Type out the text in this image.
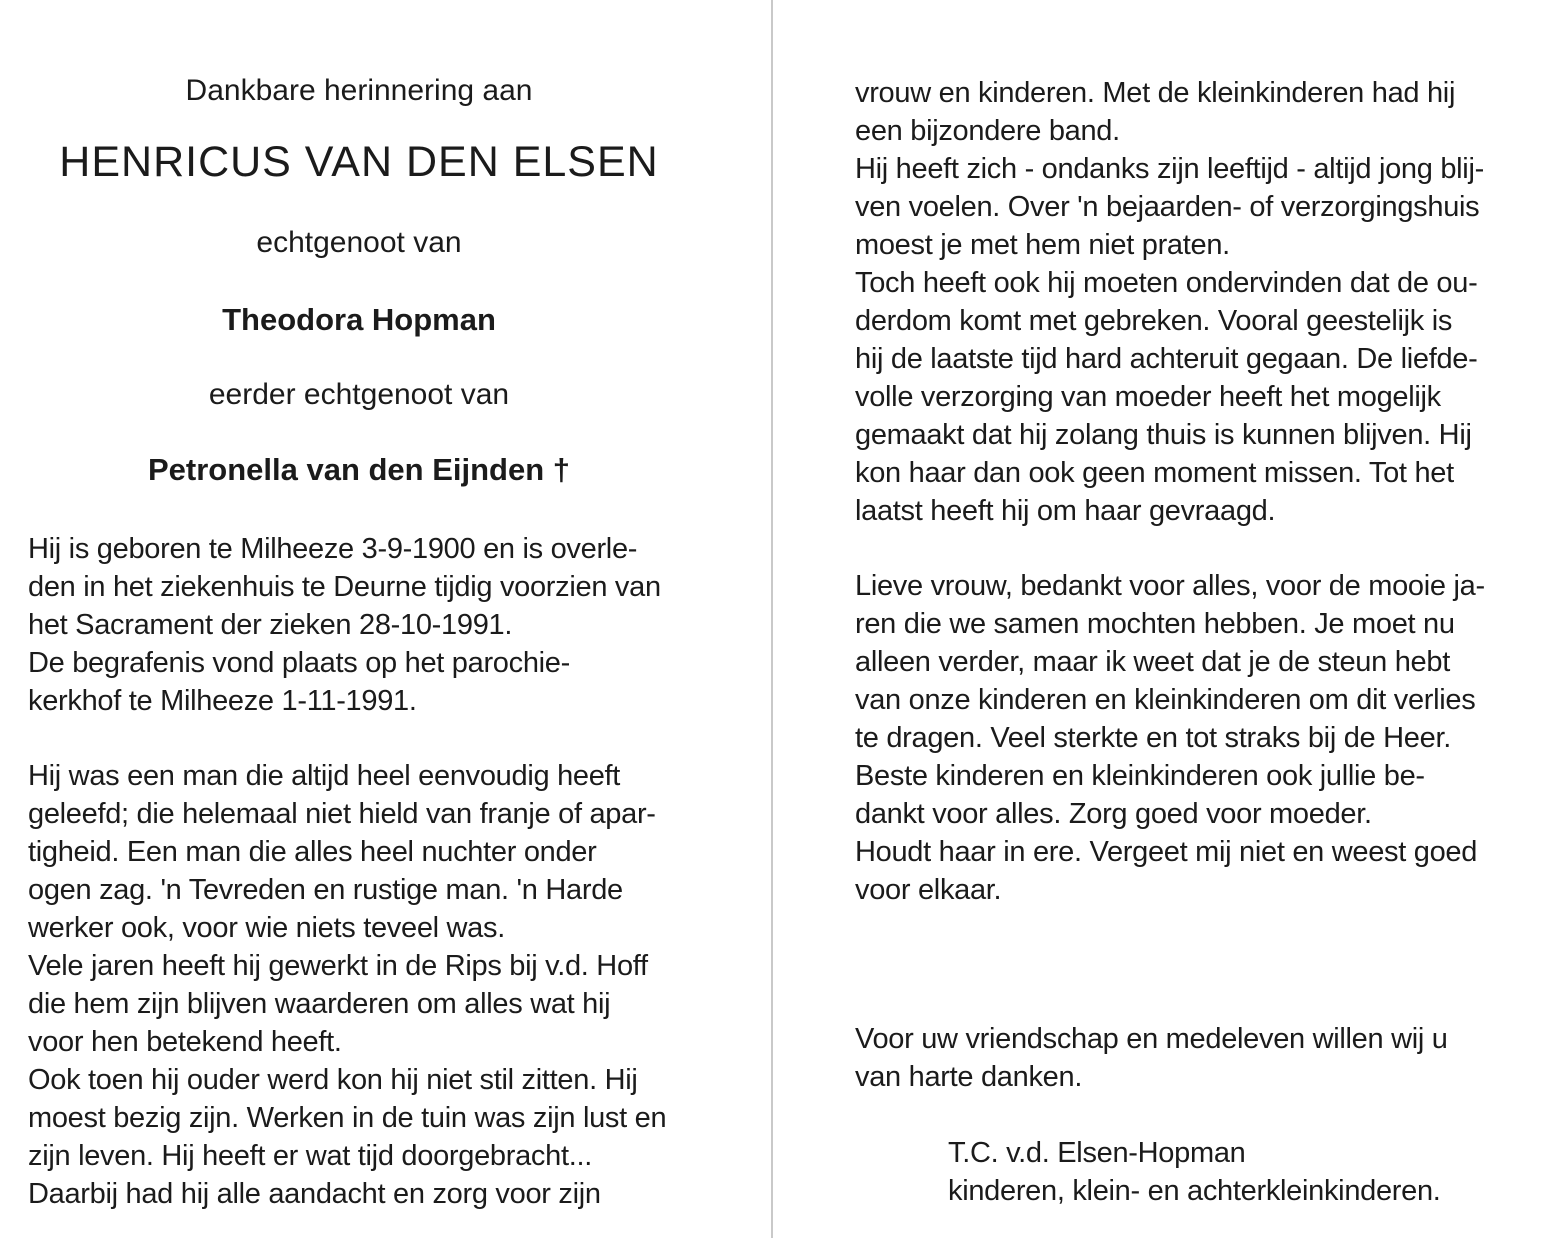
Dankbare herinnering aan
HENRICUS VAN DEN ELSEN
echtgenoot van
Theodora Hopman
eerder echtgenoot van
Petronella van den Eijnden †
Hij is geboren te Milheeze 3-9-1900 en is overle-
den in het ziekenhuis te Deurne tijdig voorzien van
het Sacrament der zieken 28-10-1991.
De begrafenis vond plaats op het parochie-
kerkhof te Milheeze 1-11-1991.
Hij was een man die altijd heel eenvoudig heeft
geleefd; die helemaal niet hield van franje of apar-
tigheid. Een man die alles heel nuchter onder
ogen zag. 'n Tevreden en rustige man. 'n Harde
werker ook, voor wie niets teveel was.
Vele jaren heeft hij gewerkt in de Rips bij v.d. Hoff
die hem zijn blijven waarderen om alles wat hij
voor hen betekend heeft.
Ook toen hij ouder werd kon hij niet stil zitten. Hij
moest bezig zijn. Werken in de tuin was zijn lust en
zijn leven. Hij heeft er wat tijd doorgebracht...
Daarbij had hij alle aandacht en zorg voor zijn
vrouw en kinderen. Met de kleinkinderen had hij
een bijzondere band.
Hij heeft zich - ondanks zijn leeftijd - altijd jong blij-
ven voelen. Over 'n bejaarden- of verzorgingshuis
moest je met hem niet praten.
Toch heeft ook hij moeten ondervinden dat de ou-
derdom komt met gebreken. Vooral geestelijk is
hij de laatste tijd hard achteruit gegaan. De liefde-
volle verzorging van moeder heeft het mogelijk
gemaakt dat hij zolang thuis is kunnen blijven. Hij
kon haar dan ook geen moment missen. Tot het
laatst heeft hij om haar gevraagd.
Lieve vrouw, bedankt voor alles, voor de mooie ja-
ren die we samen mochten hebben. Je moet nu
alleen verder, maar ik weet dat je de steun hebt
van onze kinderen en kleinkinderen om dit verlies
te dragen. Veel sterkte en tot straks bij de Heer.
Beste kinderen en kleinkinderen ook jullie be-
dankt voor alles. Zorg goed voor moeder.
Houdt haar in ere. Vergeet mij niet en weest goed
voor elkaar.
Voor uw vriendschap en medeleven willen wij u
van harte danken.
T.C. v.d. Elsen-Hopman
kinderen, klein- en achterkleinkinderen.
